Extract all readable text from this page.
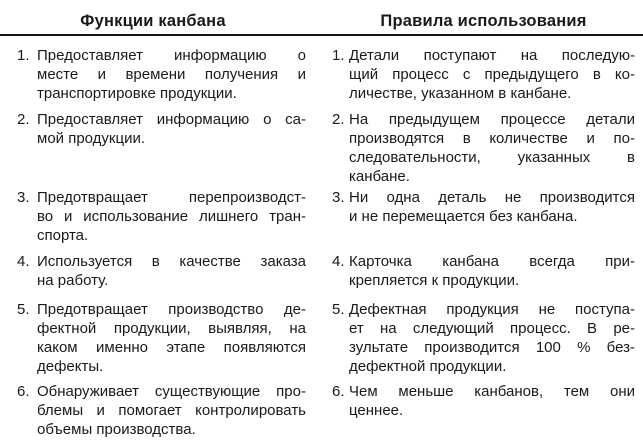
Функции канбана	Правила использования
1. Предоставляет информацию о
месте и времени получения и
транспортировке продукции.
1. Детали поступают на последую-
щий процесс с предыдущего в ко-
личестве, указанном в канбане.
2. Предоставляет информацию о са-
мой продукции.
2. На предыдущем процессе детали
производятся в количестве и по-
следовательности, указанных в
канбане.
3. Предотвращает перепроизводст-
во и использование лишнего тран-
спорта.
3. Ни одна деталь не производится
и не перемещается без канбана.
4. Используется в качестве заказа
на работу.
4. Карточка канбана всегда при-
крепляется к продукции.
5. Предотвращает производство де-
фектной продукции, выявляя, на
каком именно этапе появляются
дефекты.
5. Дефектная продукция не поступа-
ет на следующий процесс. В ре-
зультате производится 100 % без-
дефектной продукции.
6. Обнаруживает существующие про-
блемы и помогает контролировать
объемы производства.
6. Чем меньше канбанов, тем они
ценнее.
